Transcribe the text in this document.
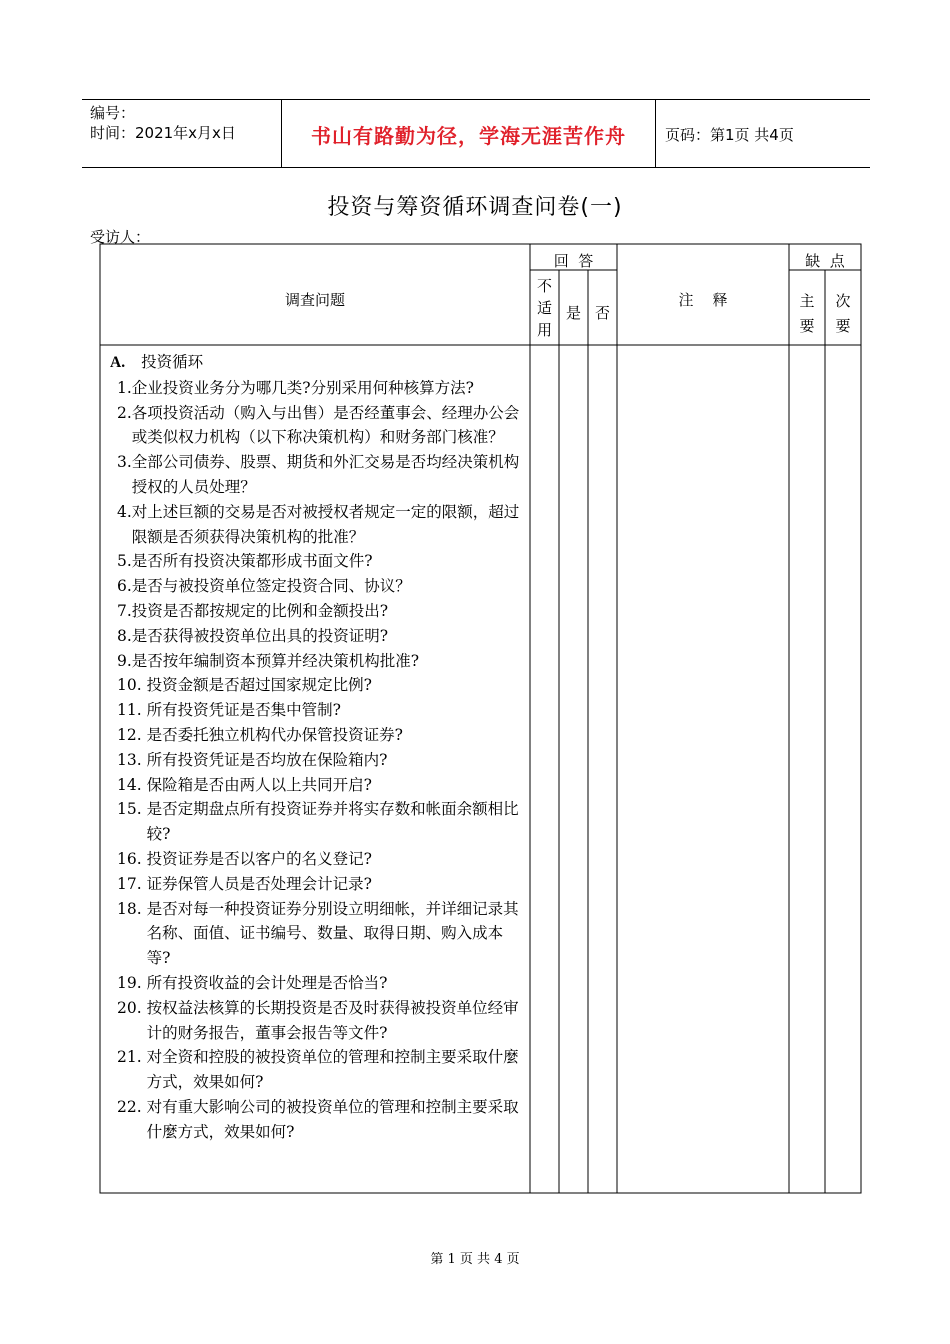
编号：
时间：2021年x月x日	书山有路勤为径，学海无涯苦作舟	页码：第1页 共4页
投资与筹资循环调查问卷(一)
受访人：
调查问题
回  答
不
适
用
是 否
注    释
缺  点
主
要
次
要
A. 投资循环
1. 企业投资业务分为哪几类?分别采用何种核算方法?
2. 各项投资活动（购入与出售）是否经董事会、经理办公会或类似权力机构（以下称决策机构）和财务部门核准？
3. 全部公司债券、股票、期货和外汇交易是否均经决策机构授权的人员处理？
4. 对上述巨额的交易是否对被授权者规定一定的限额，超过限额是否须获得决策机构的批准？
5. 是否所有投资决策都形成书面文件?
6. 是否与被投资单位签定投资合同、协议？
7. 投资是否都按规定的比例和金额投出?
8. 是否获得被投资单位出具的投资证明?
9. 是否按年编制资本预算并经决策机构批准?
10. 投资金额是否超过国家规定比例?
11. 所有投资凭证是否集中管制?
12. 是否委托独立机构代办保管投资证券?
13. 所有投资凭证是否均放在保险箱内?
14. 保险箱是否由两人以上共同开启?
15. 是否定期盘点所有投资证券并将实存数和帐面余额相比较?
16. 投资证券是否以客户的名义登记?
17. 证券保管人员是否处理会计记录?
18. 是否对每一种投资证券分别设立明细帐，并详细记录其名称、面值、证书编号、数量、取得日期、购入成本等?
19. 所有投资收益的会计处理是否恰当?
20. 按权益法核算的长期投资是否及时获得被投资单位经审计的财务报告，董事会报告等文件?
21. 对全资和控股的被投资单位的管理和控制主要采取什麼方式，效果如何?
22. 对有重大影响公司的被投资单位的管理和控制主要采取什麼方式，效果如何?
第 1 页 共 4 页
